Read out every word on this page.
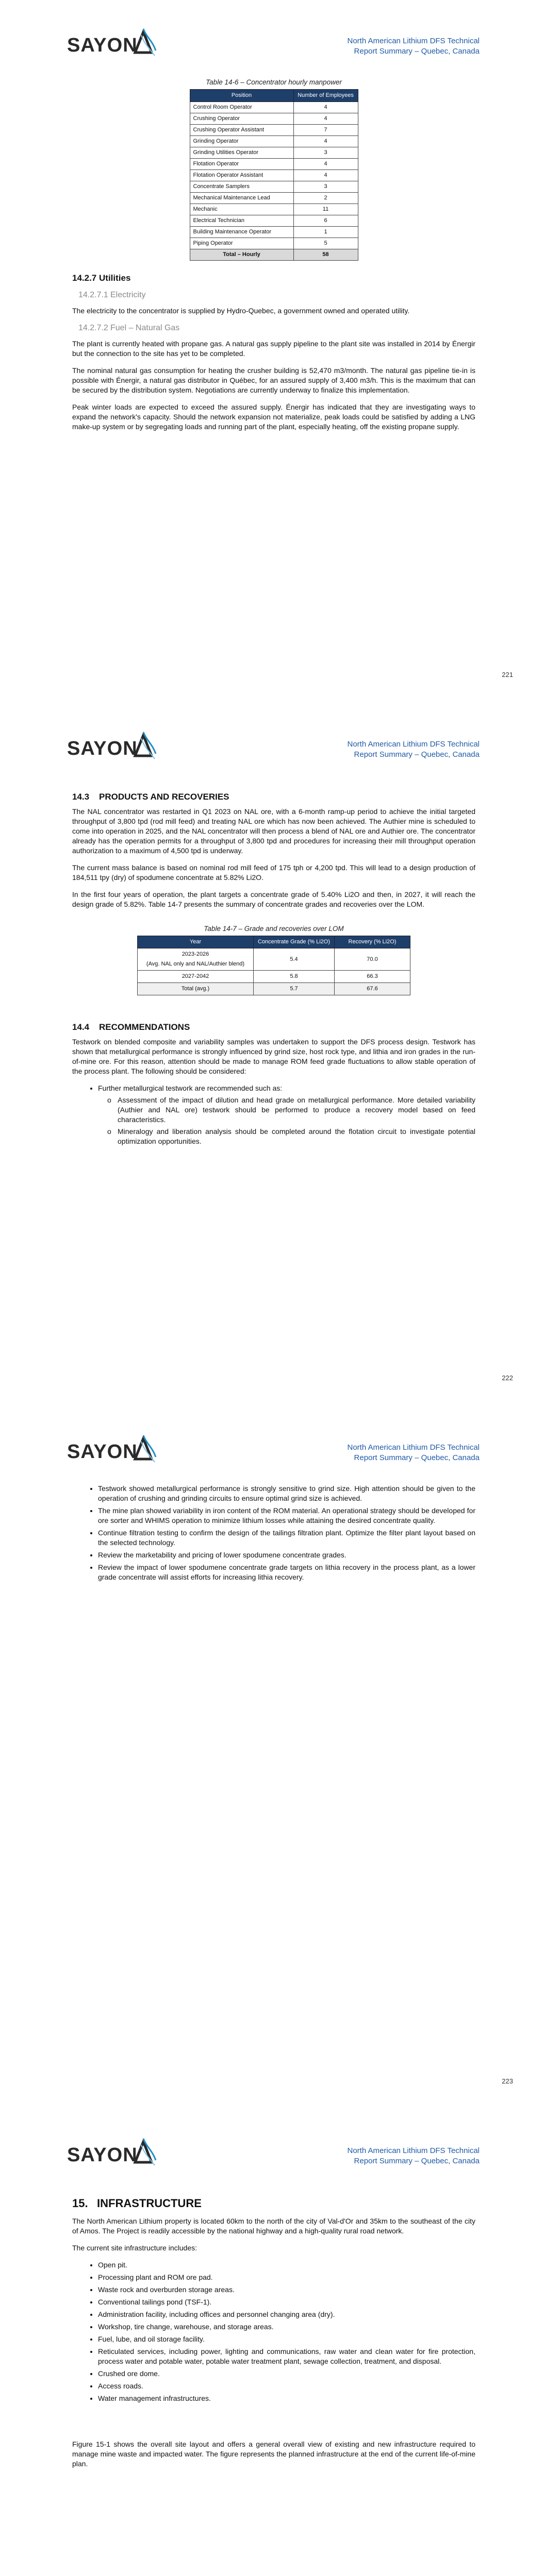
SAYON	North American Lithium DFS Technical
Report Summary – Quebec, Canada
Table 14-6 – Concentrator hourly manpower
Position	Number of Employees
Control Room Operator	4
Crushing Operator	4
Crushing Operator Assistant	7
Grinding Operator	4
Grinding Utilities Operator	3
Flotation Operator	4
Flotation Operator Assistant	4
Concentrate Samplers	3
Mechanical Maintenance Lead	2
Mechanic	11
Electrical Technician	6
Building Maintenance Operator	1
Piping Operator	5
Total – Hourly	58
14.2.7 Utilities
14.2.7.1 Electricity

The electricity to the concentrator is supplied by Hydro-Quebec, a government owned and operated utility.

14.2.7.2 Fuel – Natural Gas

The plant is currently heated with propane gas. A natural gas supply pipeline to the plant site was installed in 2014 by Énergir but the connection to the site has yet to be completed.

The nominal natural gas consumption for heating the crusher building is 52,470 m3/month. The natural gas pipeline tie-in is possible with Énergir, a natural gas distributor in Québec, for an assured supply of 3,400 m3/h. This is the maximum that can be secured by the distribution system. Negotiations are currently underway to finalize this implementation.

Peak winter loads are expected to exceed the assured supply. Énergir has indicated that they are investigating ways to expand the network's capacity. Should the network expansion not materialize, peak loads could be satisfied by adding a LNG make-up system or by segregating loads and running part of the plant, especially heating, off the existing propane supply.

221
SAYON	North American Lithium DFS Technical
Report Summary – Quebec, Canada
14.3 PRODUCTS AND RECOVERIES

The NAL concentrator was restarted in Q1 2023 on NAL ore, with a 6-month ramp-up period to achieve the initial targeted throughput of 3,800 tpd (rod mill feed) and treating NAL ore which has now been achieved. The Authier mine is scheduled to come into operation in 2025, and the NAL concentrator will then process a blend of NAL ore and Authier ore. The concentrator already has the operation permits for a throughput of 3,800 tpd and procedures for increasing their mill throughput operation authorization to a maximum of 4,500 tpd is underway.

The current mass balance is based on nominal rod mill feed of 175 tph or 4,200 tpd. This will lead to a design production of 184,511 tpy (dry) of spodumene concentrate at 5.82% Li2O.

In the first four years of operation, the plant targets a concentrate grade of 5.40% Li2O and then, in 2027, it will reach the design grade of 5.82%. Table 14-7 presents the summary of concentrate grades and recoveries over the LOM.

Table 14-7 – Grade and recoveries over LOM
Year	Concentrate Grade (% Li2O)	Recovery (% Li2O)

2023-2026
(Avg. NAL only and NAL/Authier blend)	5.4	70.0

2027-2042	5.8	66.3
Total (avg.)	5.7	67.6
14.4 RECOMMENDATIONS

Testwork on blended composite and variability samples was undertaken to support the DFS process design. Testwork has shown that metallurgical performance is strongly influenced by grind size, host rock type, and lithia and iron grades in the run-of-mine ore. For this reason, attention should be made to manage ROM feed grade fluctuations to allow stable operation of the process plant. The following should be considered:

• Further metallurgical testwork are recommended such as:
o Assessment of the impact of dilution and head grade on metallurgical performance. More detailed variability (Authier and NAL ore) testwork should be performed to produce a recovery model based on feed characteristics.
o Mineralogy and liberation analysis should be completed around the flotation circuit to investigate potential optimization opportunities.
222
SAYON	North American Lithium DFS Technical
Report Summary – Quebec, Canada
• Testwork showed metallurgical performance is strongly sensitive to grind size. High attention should be given to the operation of crushing and grinding circuits to ensure optimal grind size is achieved.
• The mine plan showed variability in iron content of the ROM material. An operational strategy should be developed for ore sorter and WHIMS operation to minimize lithium losses while attaining the desired concentrate quality.
• Continue filtration testing to confirm the design of the tailings filtration plant. Optimize the filter plant layout based on the selected technology.
• Review the marketability and pricing of lower spodumene concentrate grades.
• Review the impact of lower spodumene concentrate grade targets on lithia recovery in the process plant, as a lower grade concentrate will assist efforts for increasing lithia recovery.
223
SAYON	North American Lithium DFS Technical
Report Summary – Quebec, Canada
15. INFRASTRUCTURE

The North American Lithium property is located 60km to the north of the city of Val-d'Or and 35km to the southeast of the city of Amos. The Project is readily accessible by the national highway and a high-quality rural road network.

The current site infrastructure includes:

• Open pit.
• Processing plant and ROM ore pad.
• Waste rock and overburden storage areas.
• Conventional tailings pond (TSF-1).
• Administration facility, including offices and personnel changing area (dry).
• Workshop, tire change, warehouse, and storage areas.
• Fuel, lube, and oil storage facility.
• Reticulated services, including power, lighting and communications, raw water and clean water for fire protection, process water and potable water, potable water treatment plant, sewage collection, treatment, and disposal.
• Crushed ore dome.
• Access roads.
• Water management infrastructures.

Figure 15-1 shows the overall site layout and offers a general overall view of existing and new infrastructure required to manage mine waste and impacted water. The figure represents the planned infrastructure at the end of the current life-of-mine plan.
